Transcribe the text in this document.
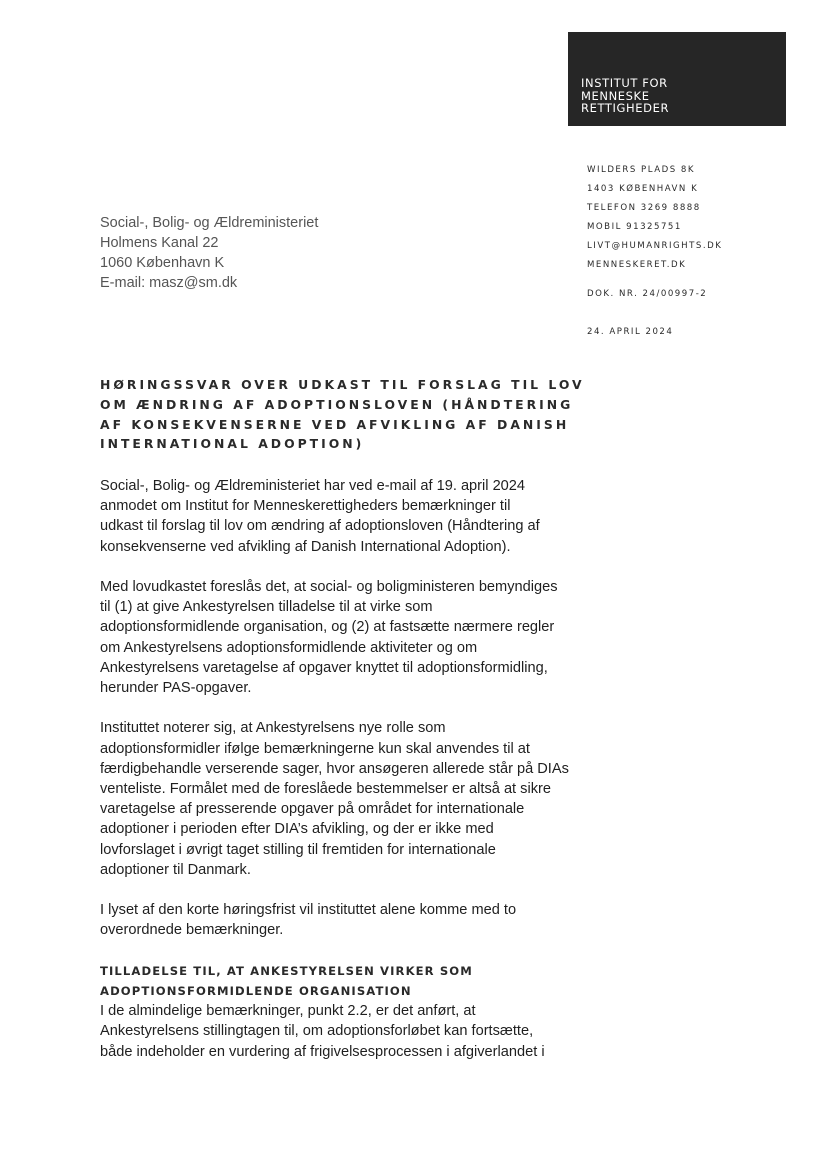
INSTITUT FOR
MENNESKE
RETTIGHEDER
WILDERS PLADS 8K
1403 KØBENHAVN K
TELEFON 3269 8888
MOBIL 91325751
LIVT@HUMANRIGHTS.DK
MENNESKERET.DK
DOK. NR. 24/00997-2
24. APRIL 2024
Social-, Bolig- og Ældreministeriet
Holmens Kanal 22
1060 København K
E-mail: masz@sm.dk
HØRINGSSVAR OVER UDKAST TIL FORSLAG TIL LOV
OM ÆNDRING AF ADOPTIONSLOVEN (HÅNDTERING
AF KONSEKVENSERNE VED AFVIKLING AF DANISH
INTERNATIONAL ADOPTION)
Social-, Bolig- og Ældreministeriet har ved e-mail af 19. april 2024
anmodet om Institut for Menneskerettigheders bemærkninger til
udkast til forslag til lov om ændring af adoptionsloven (Håndtering af
konsekvenserne ved afvikling af Danish International Adoption).
Med lovudkastet foreslås det, at social- og boligministeren bemyndiges
til (1) at give Ankestyrelsen tilladelse til at virke som
adoptionsformidlende organisation, og (2) at fastsætte nærmere regler
om Ankestyrelsens adoptionsformidlende aktiviteter og om
Ankestyrelsens varetagelse af opgaver knyttet til adoptionsformidling,
herunder PAS-opgaver.
Instituttet noterer sig, at Ankestyrelsens nye rolle som
adoptionsformidler ifølge bemærkningerne kun skal anvendes til at
færdigbehandle verserende sager, hvor ansøgeren allerede står på DIAs
venteliste. Formålet med de foreslåede bestemmelser er altså at sikre
varetagelse af presserende opgaver på området for internationale
adoptioner i perioden efter DIA’s afvikling, og der er ikke med
lovforslaget i øvrigt taget stilling til fremtiden for internationale
adoptioner til Danmark.
I lyset af den korte høringsfrist vil instituttet alene komme med to
overordnede bemærkninger.
TILLADELSE TIL, AT ANKESTYRELSEN VIRKER SOM
ADOPTIONSFORMIDLENDE ORGANISATION
I de almindelige bemærkninger, punkt 2.2, er det anført, at
Ankestyrelsens stillingtagen til, om adoptionsforløbet kan fortsætte,
både indeholder en vurdering af frigivelsesprocessen i afgiverlandet i
